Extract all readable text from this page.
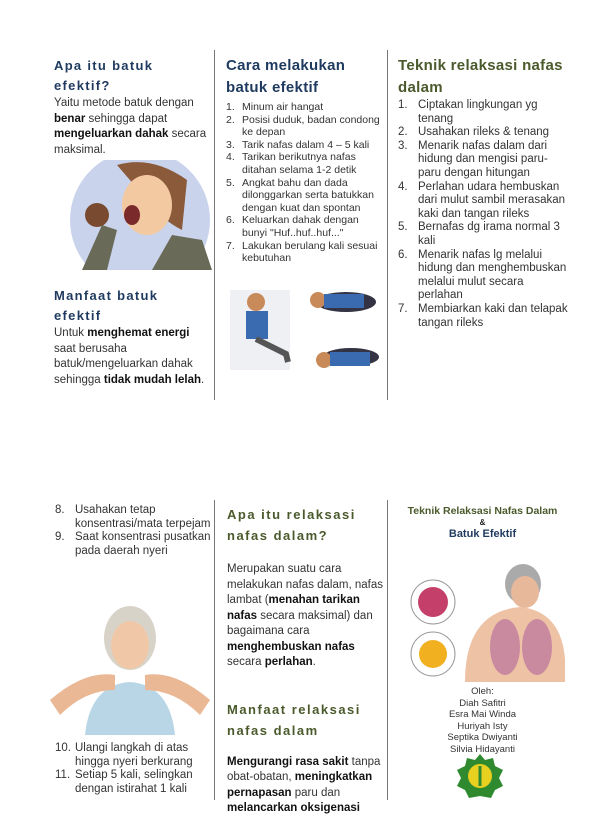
Apa itu batuk efektif?
Yaitu metode batuk dengan benar sehingga dapat mengeluarkan dahak secara maksimal.
Manfaat batuk efektif
Untuk menghemat energi saat berusaha batuk/mengeluarkan dahak sehingga tidak mudah lelah.
Cara melakukan batuk efektif
1. Minum air hangat
2. Posisi duduk, badan condong ke depan
3. Tarik nafas dalam 4 – 5 kali
4. Tarikan berikutnya nafas ditahan selama 1-2 detik
5. Angkat bahu dan dada dilonggarkan serta batukkan dengan kuat dan spontan
6. Keluarkan dahak dengan bunyi "Huf..huf..huf..."
7. Lakukan berulang kali sesuai kebutuhan
Teknik relaksasi nafas dalam
1. Ciptakan lingkungan yg tenang
2. Usahakan rileks & tenang
3. Menarik nafas dalam dari hidung dan mengisi paru-paru dengan hitungan
4. Perlahan udara hembuskan dari mulut sambil merasakan kaki dan tangan rileks
5. Bernafas dg irama normal 3 kali
6. Menarik nafas lg melalui hidung dan menghembuskan melalui mulut secara perlahan
7. Membiarkan kaki dan telapak tangan rileks
8. Usahakan tetap konsentrasi/mata terpejam
9. Saat konsentrasi pusatkan pada daerah nyeri
10. Ulangi langkah di atas hingga nyeri berkurang
11. Setiap 5 kali, selingkan dengan istirahat 1 kali
Apa itu relaksasi nafas dalam?
Merupakan suatu cara melakukan nafas dalam, nafas lambat (menahan tarikan nafas secara maksimal) dan bagaimana cara menghembuskan nafas secara perlahan.
Manfaat relaksasi nafas dalam
Mengurangi rasa sakit tanpa obat-obatan, meningkatkan pernapasan paru dan melancarkan oksigenasi
Teknik Relaksasi Nafas Dalam
&
Batuk Efektif
Oleh:
Diah Safitri
Esra Mai Winda
Huriyah Isty
Septika Dwiyanti
Silvia Hidayanti
